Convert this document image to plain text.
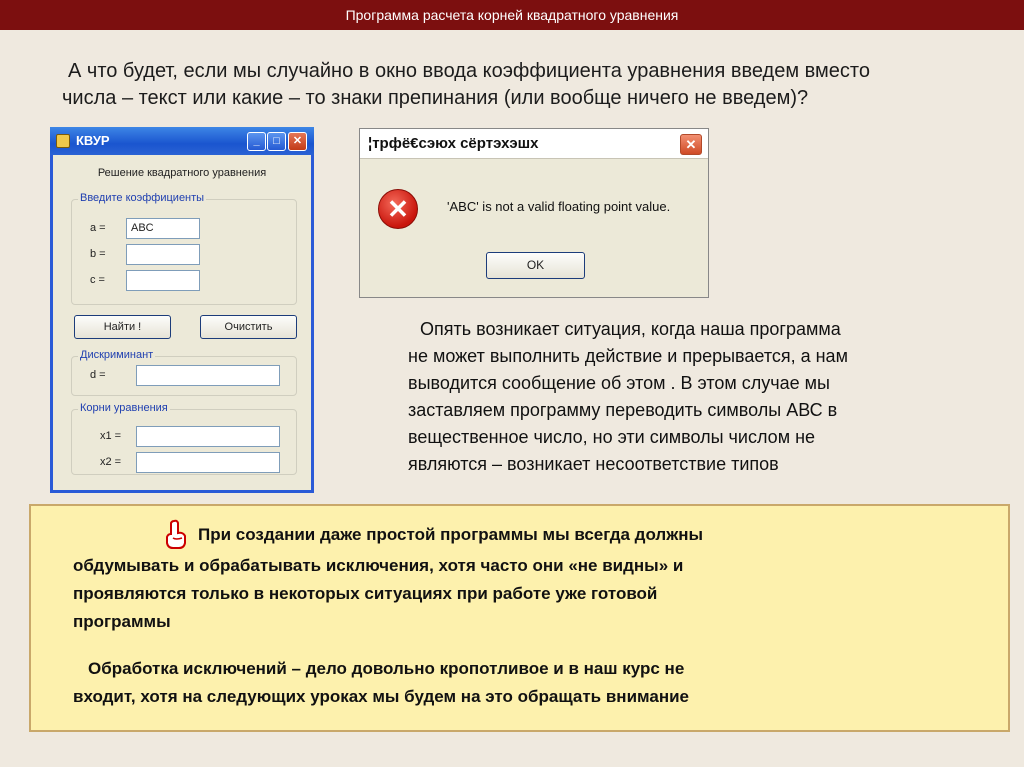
Программа расчета корней квадратного уравнения
А что будет, если мы случайно в окно ввода коэффициента уравнения введем вместо
числа – текст или какие – то знаки препинания (или вообще ничего не введем)?
КВУР	_	□	✕
Решение квадратного уравнения
Введите коэффициенты
a =	ABC
b =
c =
Найти !	Очистить
Дискриминант
d =
Корни уравнения
x1 =
x2 =
¦трфё€сэюх сёртэхэшх	✕
✕	'ABC' is not a valid floating point value.
OK
Опять возникает ситуация, когда наша программа
не может выполнить действие и прерывается, а нам
выводится сообщение об этом . В этом случае мы
заставляем программу переводить символы АВС в
вещественное число, но эти символы числом не
являются – возникает несоответствие типов

При создании даже простой программы мы всегда должны

обдумывать и обрабатывать исключения, хотя часто они «не видны» и

проявляются только в некоторых ситуациях при работе уже готовой

программы

Обработка исключений – дело довольно кропотливое и в наш курс не

входит, хотя на следующих уроках мы будем на это обращать внимание
